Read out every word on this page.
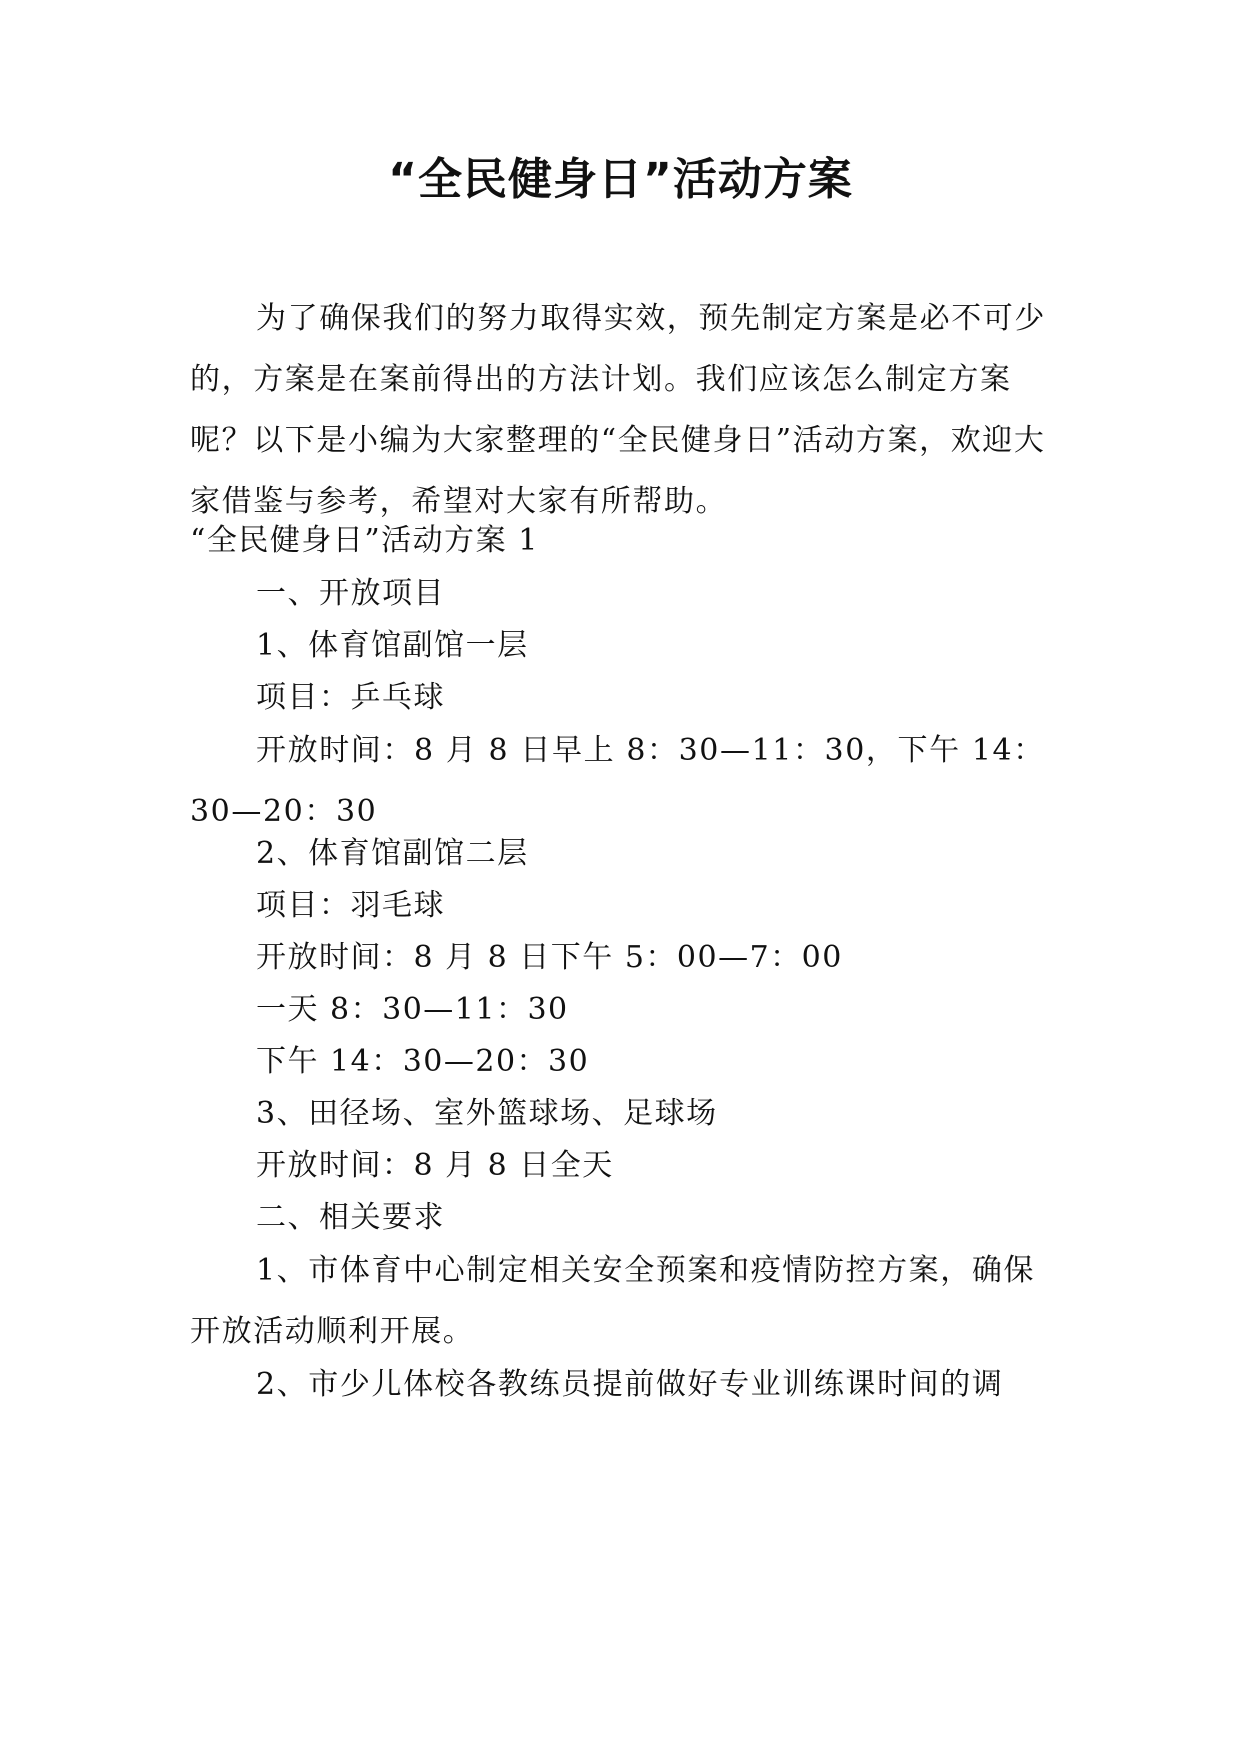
“全民健身日”活动方案

为了确保我们的努力取得实效，预先制定方案是必不可少的，方案是在案前得出的方法计划。我们应该怎么制定方案呢？以下是小编为大家整理的“全民健身日”活动方案，欢迎大家借鉴与参考，希望对大家有所帮助。

“全民健身日”活动方案 1

一、开放项目

1、体育馆副馆一层

项目：乒乓球

开放时间：8 月 8 日早上 8：30—11：30，下午 14：30—20：30

2、体育馆副馆二层

项目：羽毛球

开放时间：8 月 8 日下午 5：00—7：00

一天 8：30—11：30

下午 14：30—20：30

3、田径场、室外篮球场、足球场

开放时间：8 月 8 日全天

二、相关要求

1、市体育中心制定相关安全预案和疫情防控方案，确保开放活动顺利开展。

2、市少儿体校各教练员提前做好专业训练课时间的调
